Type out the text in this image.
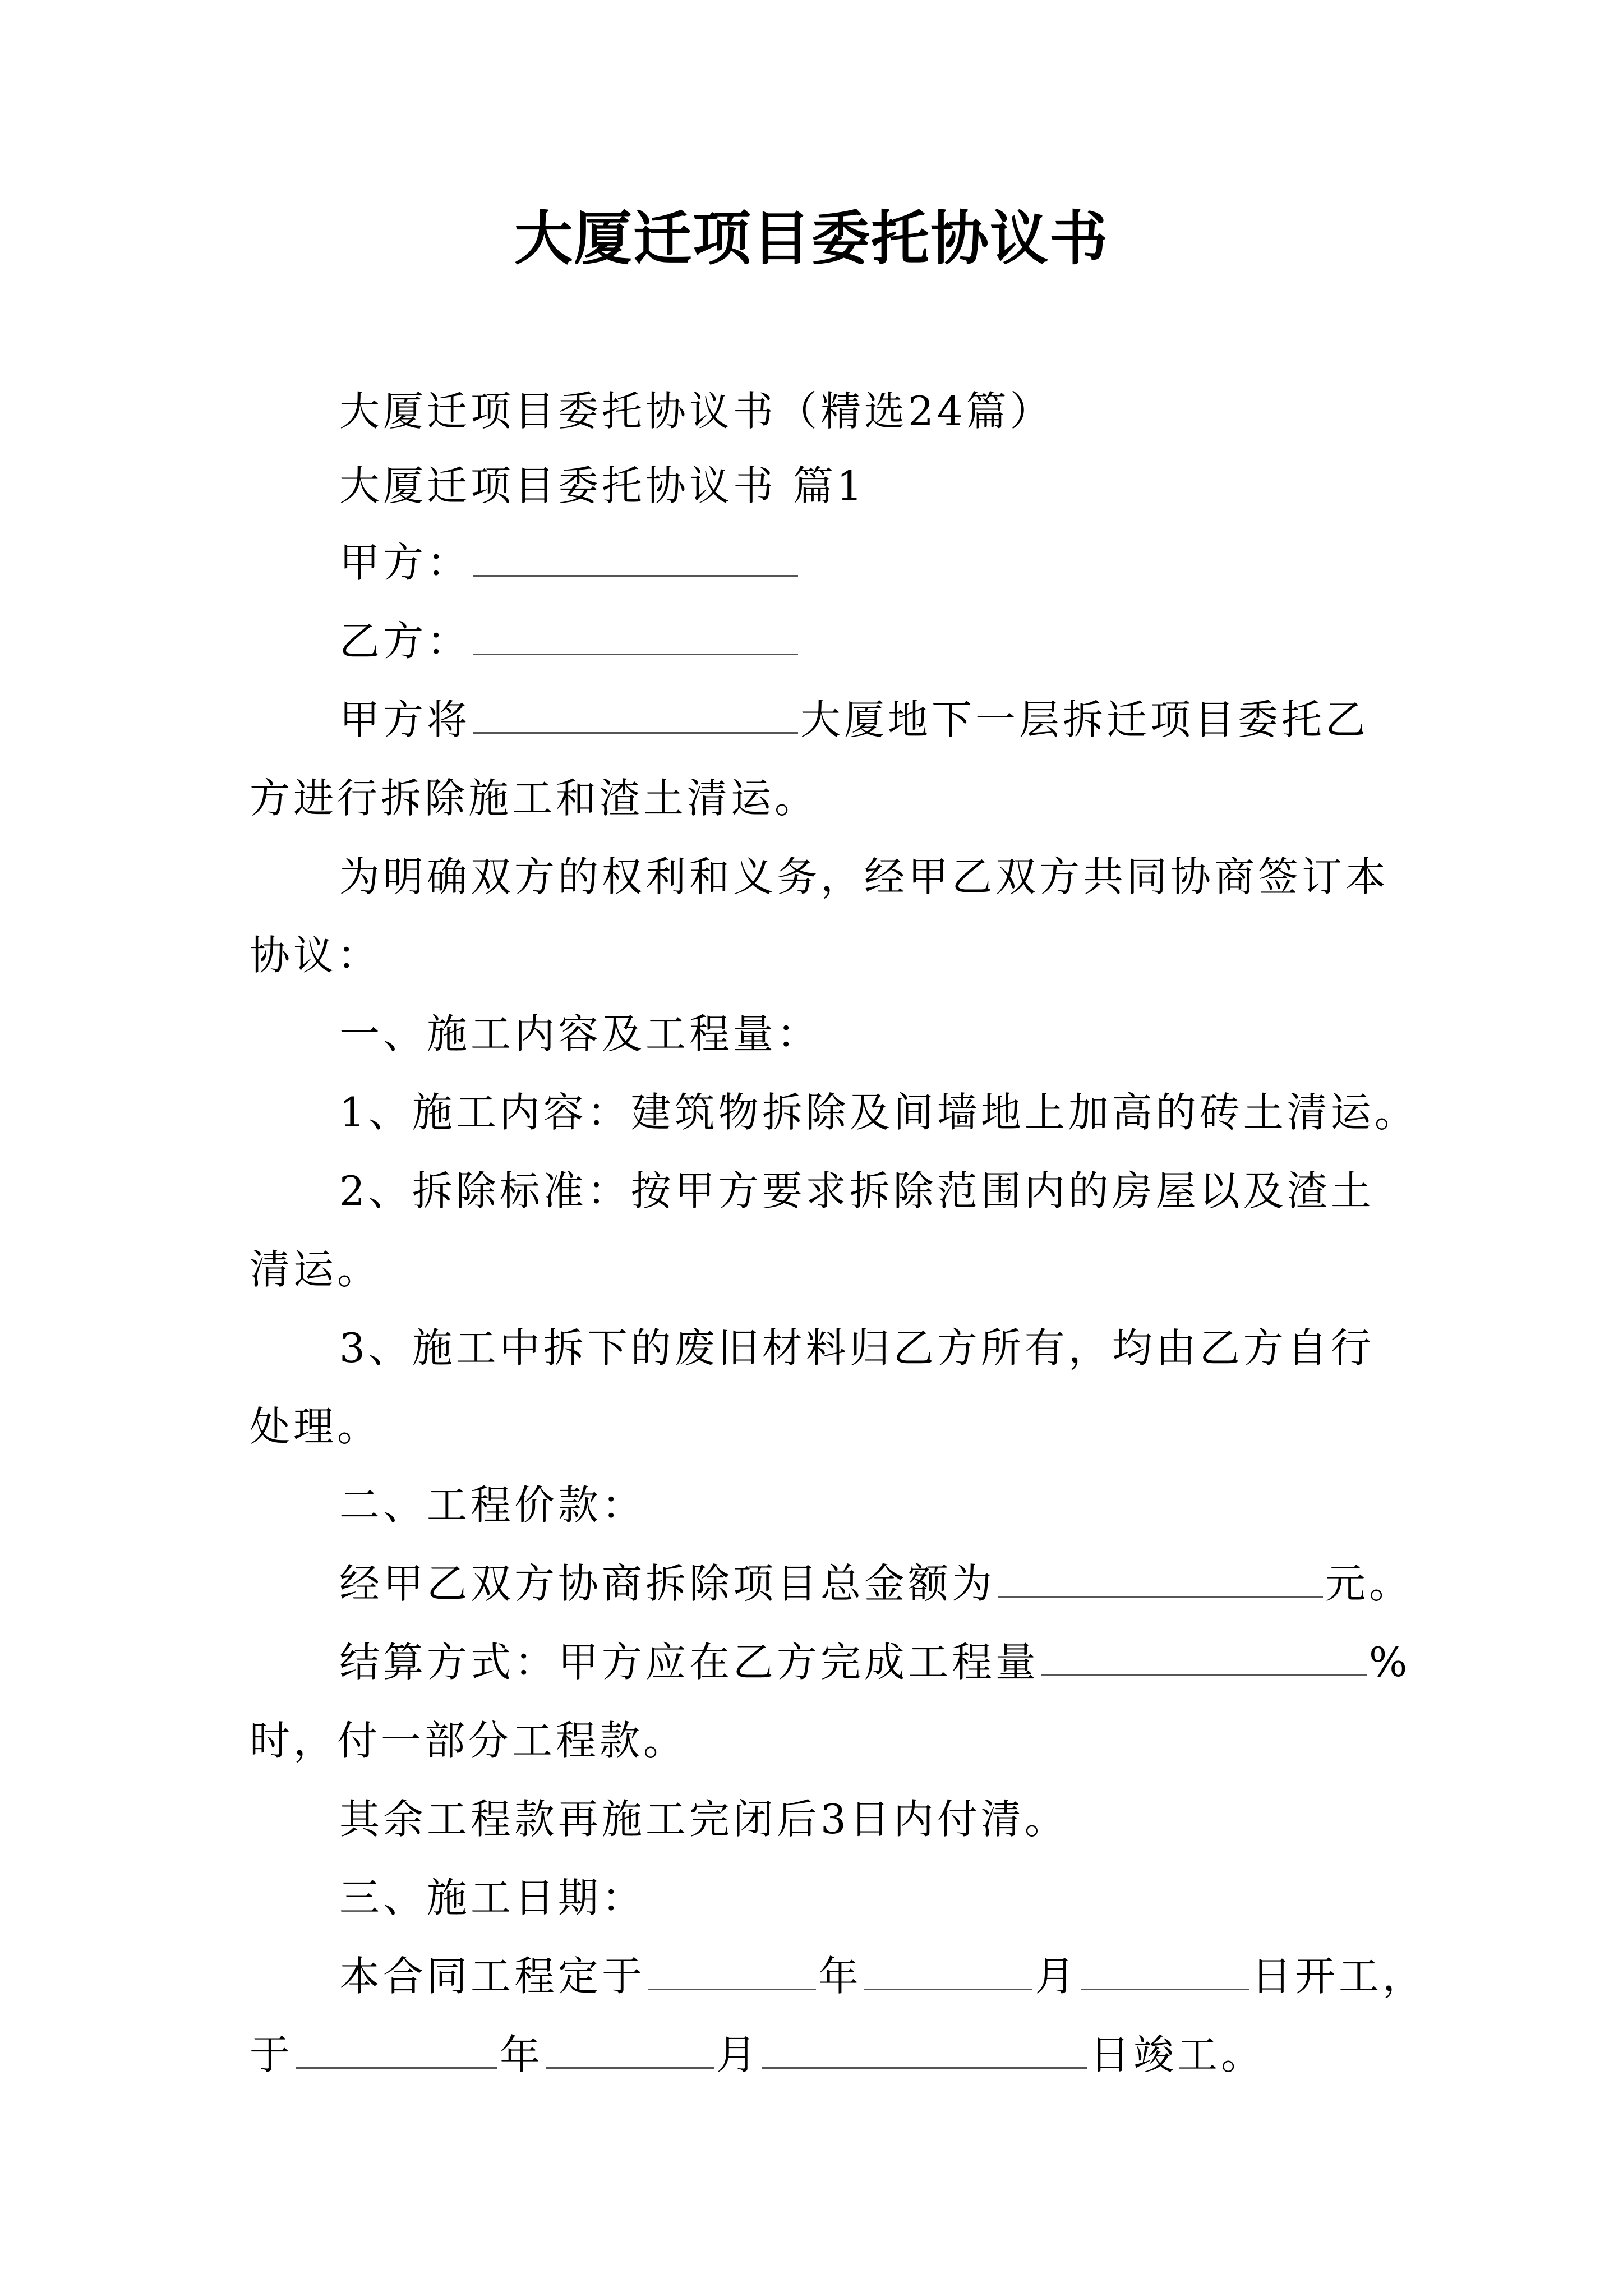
大厦迁项目委托协议书
大厦迁项目委托协议书（精选24篇）
大厦迁项目委托协议书 篇1
甲方：
乙方：
甲方将	大厦地下一层拆迁项目委托乙
方进行拆除施工和渣土清运。
为明确双方的权利和义务，经甲乙双方共同协商签订本
协议：
一、施工内容及工程量：
1、施工内容：建筑物拆除及间墙地上加高的砖土清运。
2、拆除标准：按甲方要求拆除范围内的房屋以及渣土
清运。
3、施工中拆下的废旧材料归乙方所有，均由乙方自行
处理。
二、工程价款：
经甲乙双方协商拆除项目总金额为	元。
结算方式：甲方应在乙方完成工程量	%
时，付一部分工程款。
其余工程款再施工完闭后3日内付清。
三、施工日期：
本合同工程定于	年	月	日开工，
于	年	月	日竣工。
